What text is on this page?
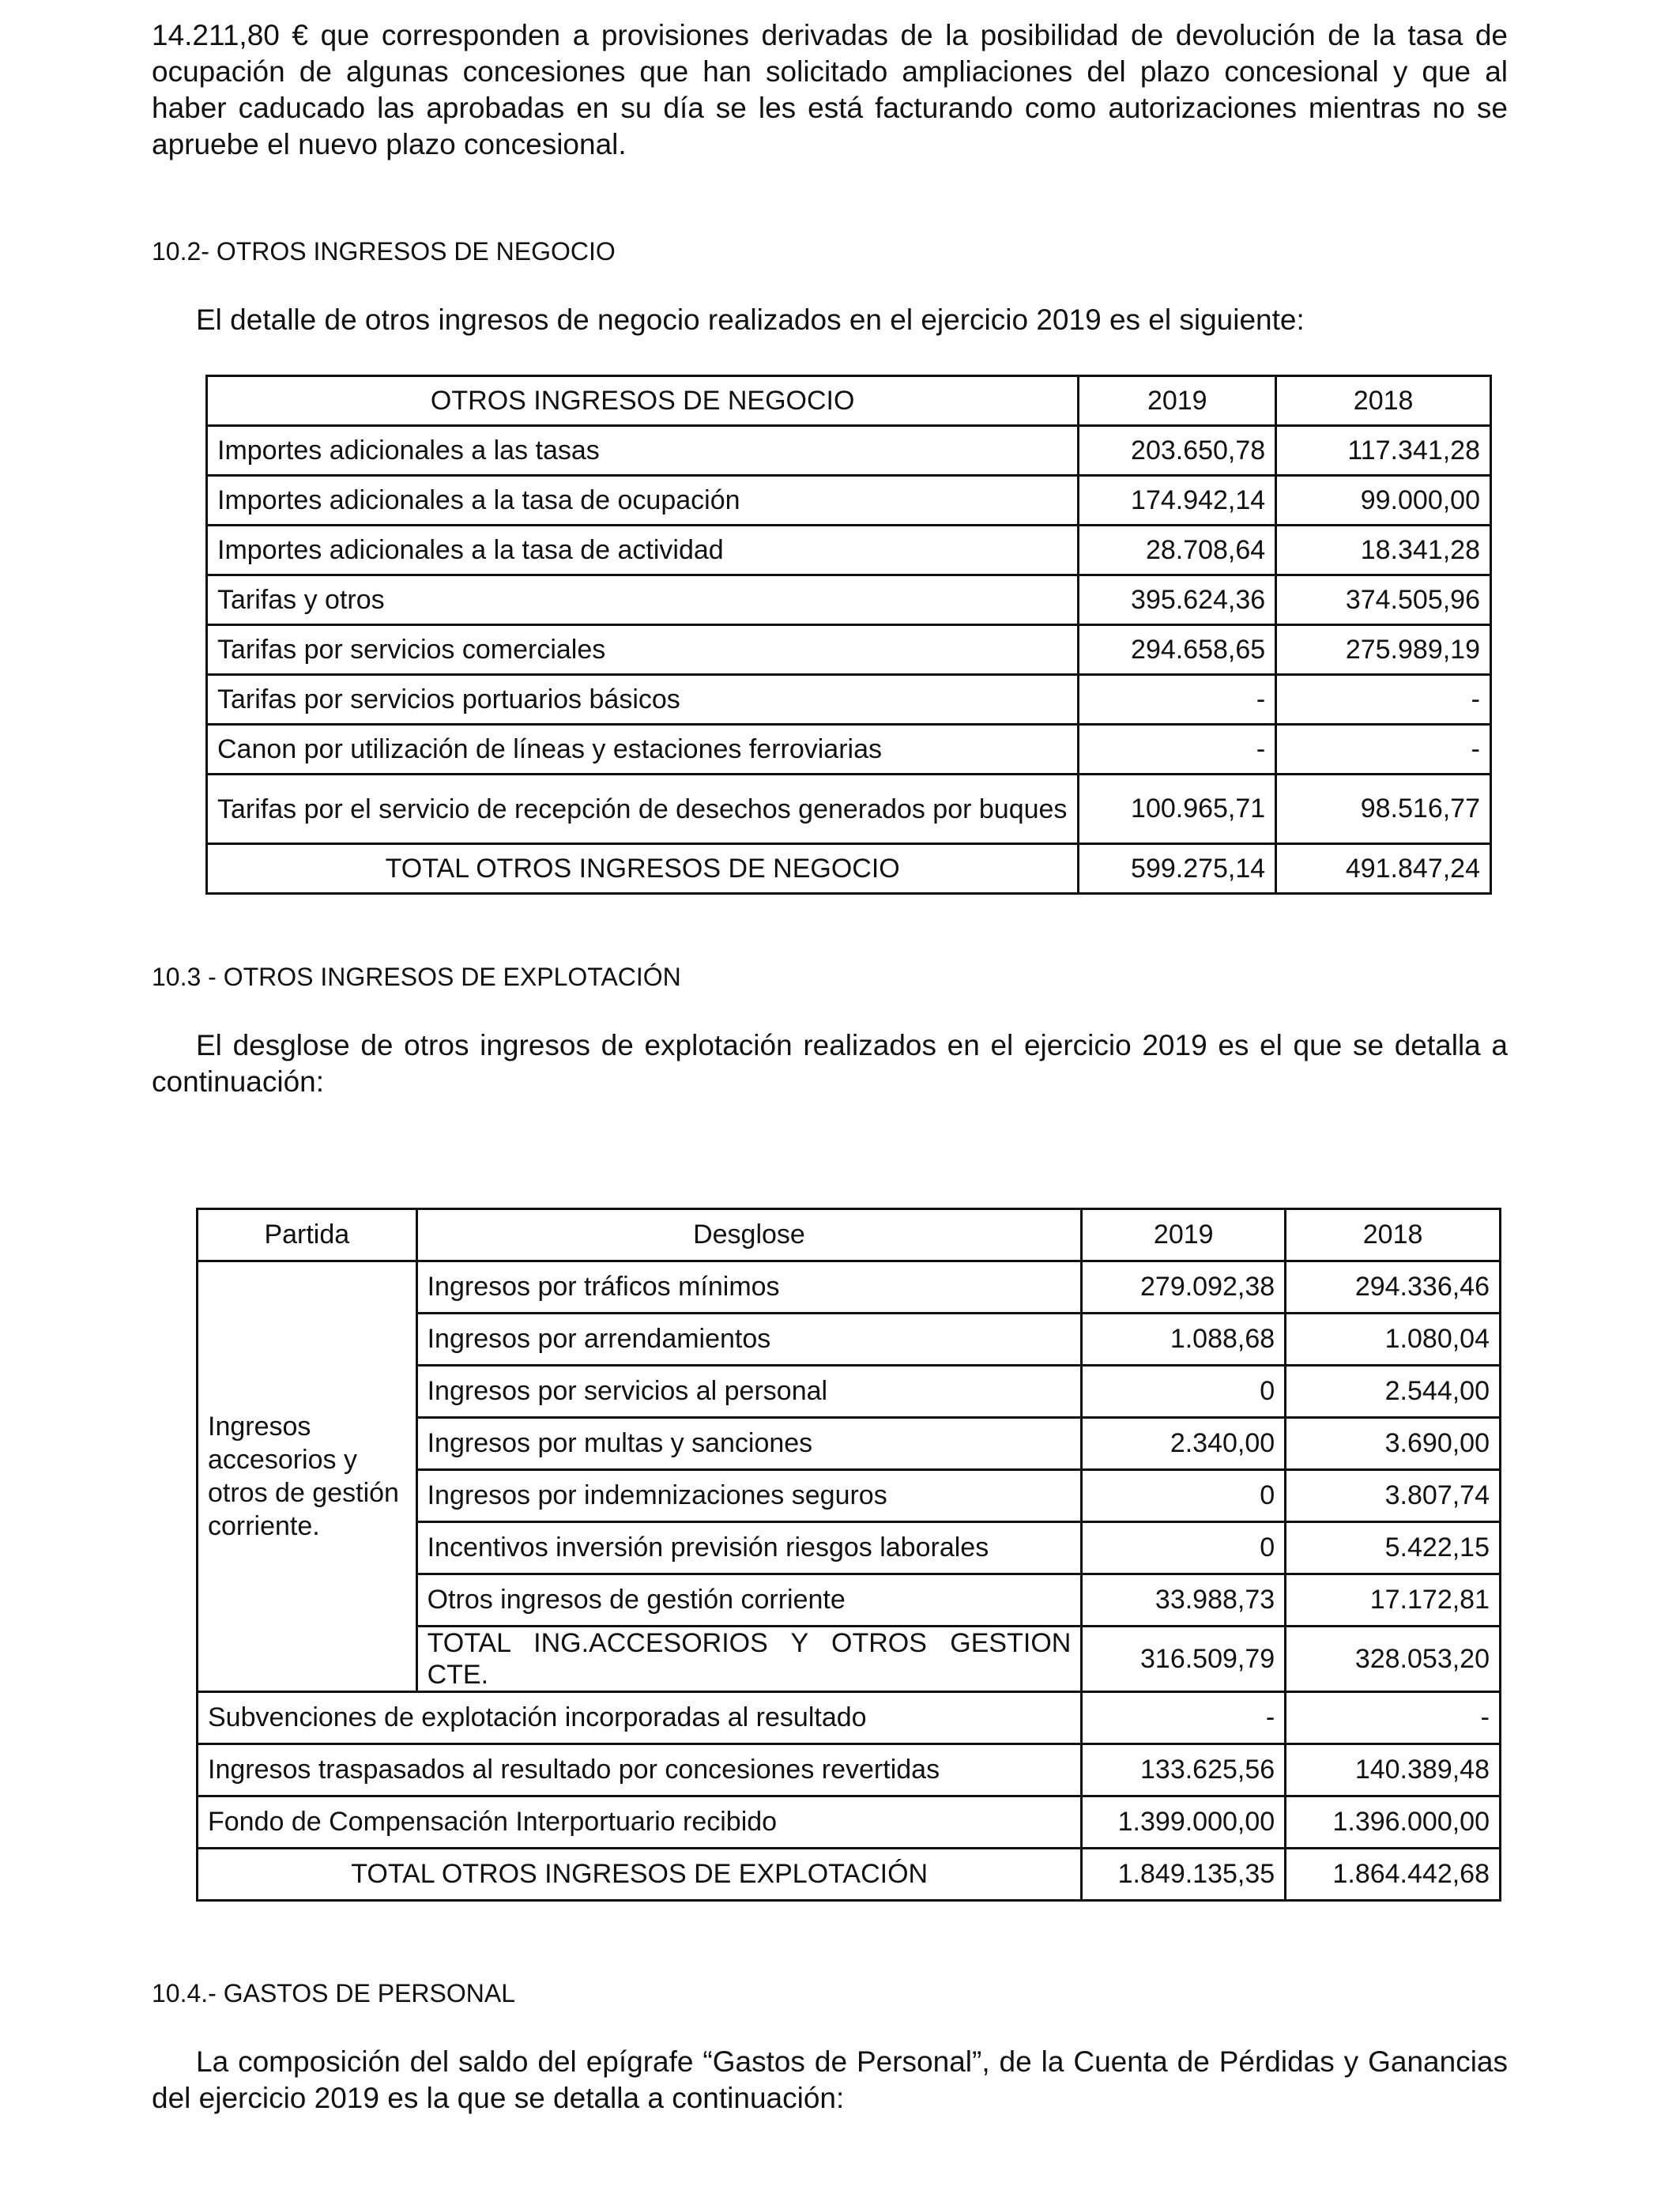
14.211,80 € que corresponden a provisiones derivadas de la posibilidad de devolución de la tasa de ocupación de algunas concesiones que han solicitado ampliaciones del plazo concesional y que al haber caducado las aprobadas en su día se les está facturando como autorizaciones mientras no se apruebe el nuevo plazo concesional.

10.2- OTROS INGRESOS DE NEGOCIO

El detalle de otros ingresos de negocio realizados en el ejercicio 2019 es el siguiente:

OTROS INGRESOS DE NEGOCIO	2019	2018
Importes adicionales a las tasas	203.650,78	117.341,28
Importes adicionales a la tasa de ocupación	174.942,14	99.000,00
Importes adicionales a la tasa de actividad	28.708,64	18.341,28
Tarifas y otros	395.624,36	374.505,96
Tarifas por servicios comerciales	294.658,65	275.989,19
Tarifas por servicios portuarios básicos	-	-
Canon por utilización de líneas y estaciones ferroviarias	-	-
Tarifas por el servicio de recepción de desechos generados por buques	100.965,71	98.516,77
TOTAL OTROS INGRESOS DE NEGOCIO	599.275,14	491.847,24

10.3 - OTROS INGRESOS DE EXPLOTACIÓN

El desglose de otros ingresos de explotación realizados en el ejercicio 2019 es el que se detalla a continuación:

Partida	Desglose	2019	2018
Ingresos accesorios y otros de gestión corriente.	Ingresos por tráficos mínimos	279.092,38	294.336,46
	Ingresos por arrendamientos	1.088,68	1.080,04
	Ingresos por servicios al personal	0	2.544,00
	Ingresos por multas y sanciones	2.340,00	3.690,00
	Ingresos por indemnizaciones seguros	0	3.807,74
	Incentivos inversión previsión riesgos laborales	0	5.422,15
	Otros ingresos de gestión corriente	33.988,73	17.172,81
	TOTAL ING.ACCESORIOS Y OTROS GESTION CTE.	316.509,79	328.053,20
Subvenciones de explotación incorporadas al resultado		-	-
Ingresos traspasados al resultado por concesiones revertidas		133.625,56	140.389,48
Fondo de Compensación Interportuario recibido		1.399.000,00	1.396.000,00
TOTAL OTROS INGRESOS DE EXPLOTACIÓN		1.849.135,35	1.864.442,68

10.4.- GASTOS DE PERSONAL

La composición del saldo del epígrafe “Gastos de Personal”, de la Cuenta de Pérdidas y Ganancias del ejercicio 2019 es la que se detalla a continuación:
